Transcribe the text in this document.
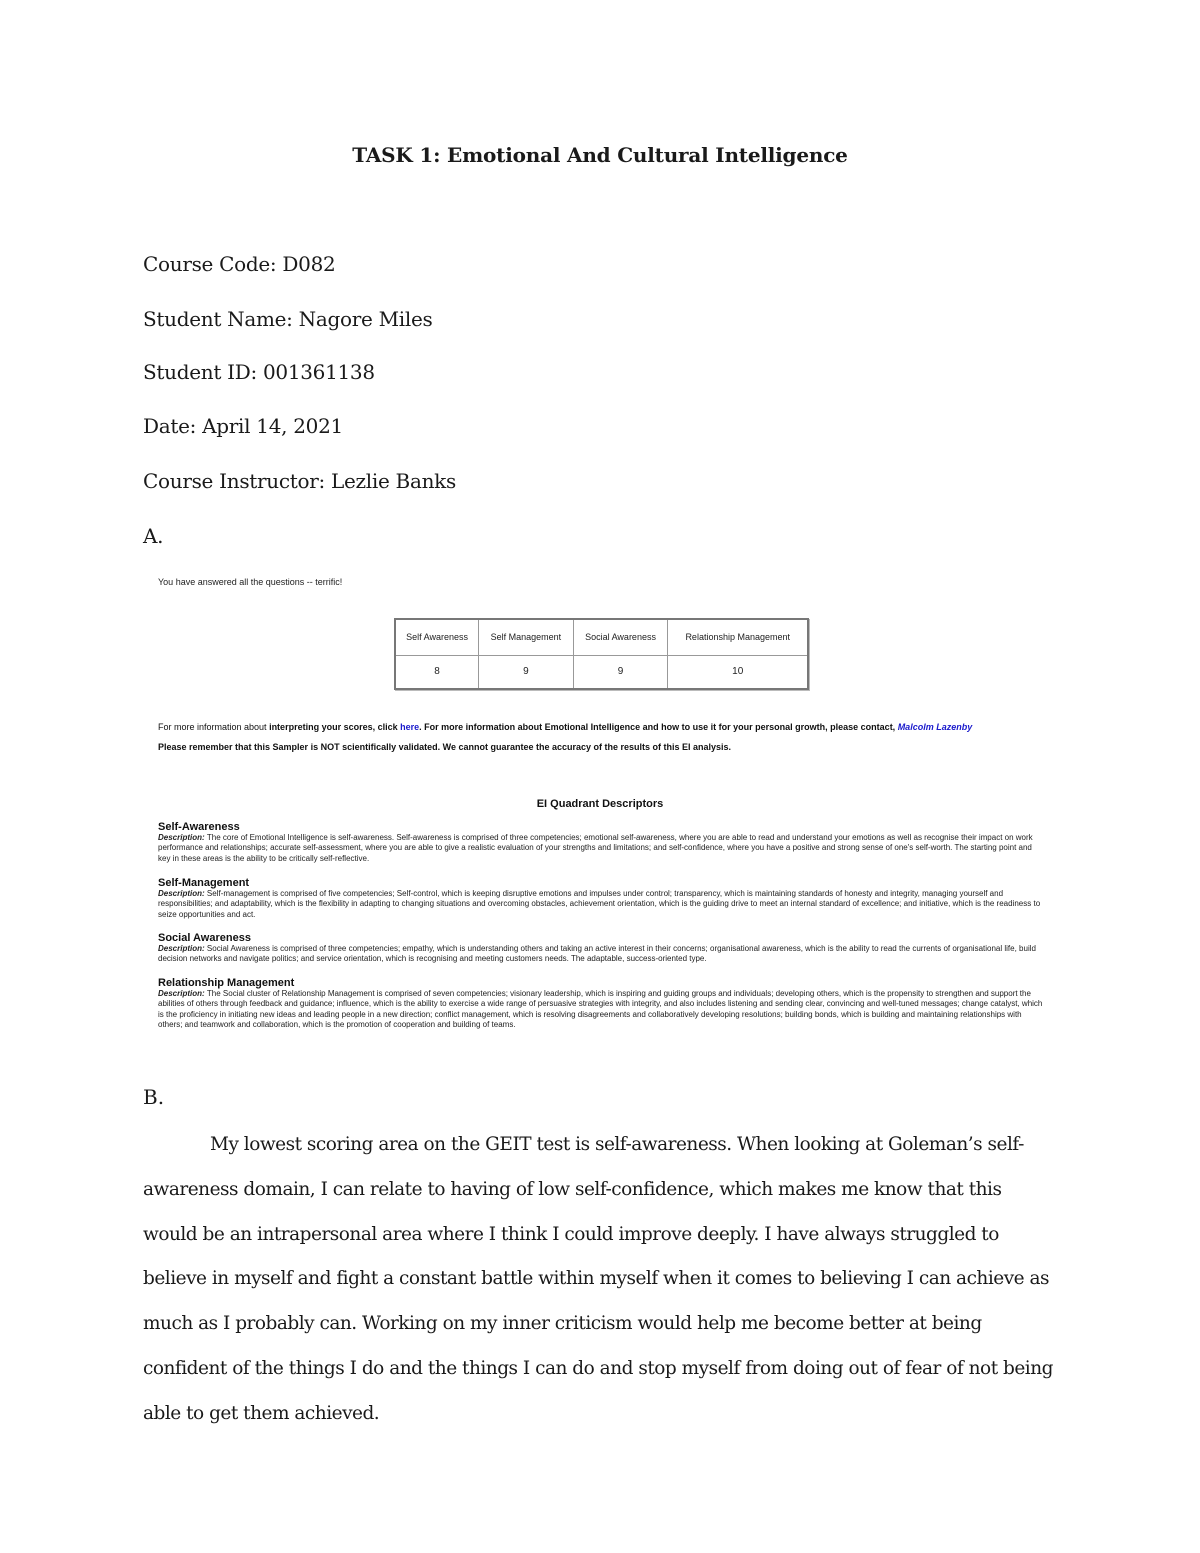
TASK 1: Emotional And Cultural Intelligence
Course Code: D082
Student Name: Nagore Miles
Student ID: 001361138
Date: April 14, 2021
Course Instructor: Lezlie Banks
A.
You have answered all the questions -- terrific!
Self Awareness	Self Management	Social Awareness	Relationship Management
8	9	9	10
For more information about interpreting your scores, click here. For more information about Emotional Intelligence and how to use it for your personal growth, please contact, Malcolm Lazenby
Please remember that this Sampler is NOT scientifically validated. We cannot guarantee the accuracy of the results of this EI analysis.
EI Quadrant Descriptors
Self-Awareness
Description: The core of Emotional Intelligence is self-awareness. Self-awareness is comprised of three competencies; emotional self-awareness, where you are able to read and understand your emotions as well as recognise their impact on work performance and relationships; accurate self-assessment, where you are able to give a realistic evaluation of your strengths and limitations; and self-confidence, where you have a positive and strong sense of one's self-worth. The starting point and key in these areas is the ability to be critically self-reflective.
Self-Management
Description: Self-management is comprised of five competencies; Self-control, which is keeping disruptive emotions and impulses under control; transparency, which is maintaining standards of honesty and integrity, managing yourself and responsibilities; and adaptability, which is the flexibility in adapting to changing situations and overcoming obstacles, achievement orientation, which is the guiding drive to meet an internal standard of excellence; and initiative, which is the readiness to seize opportunities and act.
Social Awareness
Description: Social Awareness is comprised of three competencies; empathy, which is understanding others and taking an active interest in their concerns; organisational awareness, which is the ability to read the currents of organisational life, build decision networks and navigate politics; and service orientation, which is recognising and meeting customers needs. The adaptable, success-oriented type.
Relationship Management
Description: The Social cluster of Relationship Management is comprised of seven competencies; visionary leadership, which is inspiring and guiding groups and individuals; developing others, which is the propensity to strengthen and support the abilities of others through feedback and guidance; influence, which is the ability to exercise a wide range of persuasive strategies with integrity, and also includes listening and sending clear, convincing and well-tuned messages; change catalyst, which is the proficiency in initiating new ideas and leading people in a new direction; conflict management, which is resolving disagreements and collaboratively developing resolutions; building bonds, which is building and maintaining relationships with others; and teamwork and collaboration, which is the promotion of cooperation and building of teams.
B.
My lowest scoring area on the GEIT test is self-awareness. When looking at Goleman’s self-awareness domain, I can relate to having of low self-confidence, which makes me know that this would be an intrapersonal area where I think I could improve deeply. I have always struggled to believe in myself and fight a constant battle within myself when it comes to believing I can achieve as much as I probably can. Working on my inner criticism would help me become better at being confident of the things I do and the things I can do and stop myself from doing out of fear of not being able to get them achieved.
